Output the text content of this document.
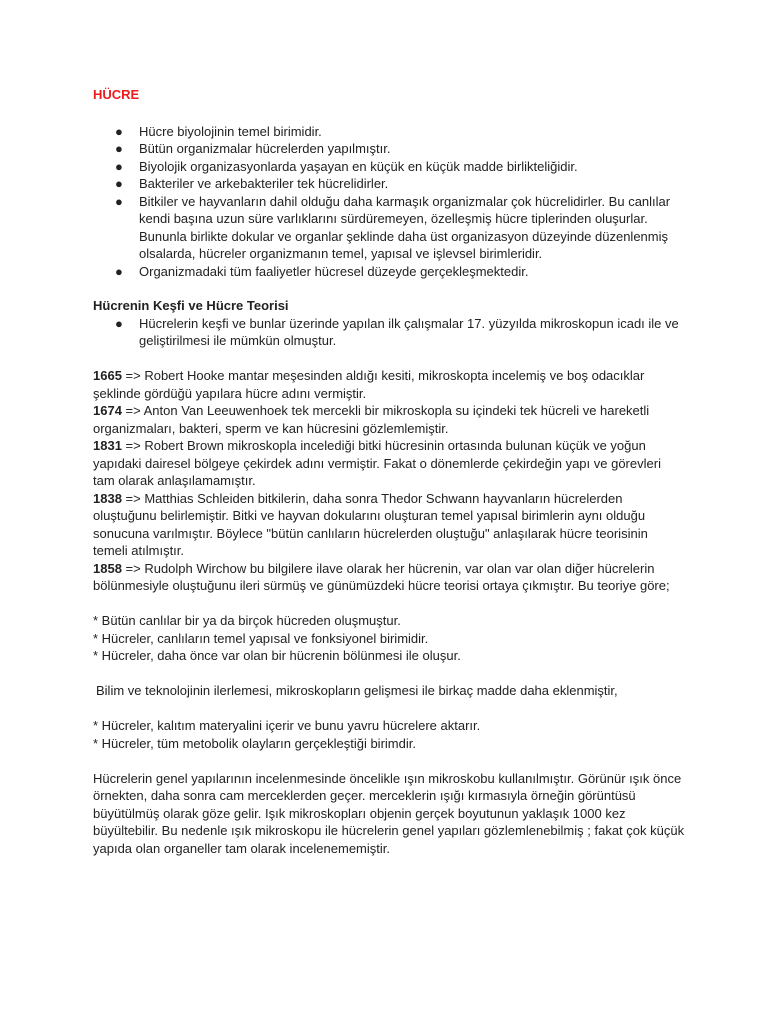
HÜCRE
● Hücre biyolojinin temel birimidir.
● Bütün organizmalar hücrelerden yapılmıştır.
● Biyolojik organizasyonlarda yaşayan en küçük en küçük madde birlikteliğidir.
● Bakteriler ve arkebakteriler tek hücrelidirler.
● Bitkiler ve hayvanların dahil olduğu daha karmaşık organizmalar çok hücrelidirler. Bu canlılar kendi başına uzun süre varlıklarını sürdüremeyen, özelleşmiş hücre tiplerinden oluşurlar. Bununla birlikte dokular ve organlar şeklinde daha üst organizasyon düzeyinde düzenlenmiş olsalarda, hücreler organizmanın temel, yapısal ve işlevsel birimleridir.
● Organizmadaki tüm faaliyetler hücresel düzeyde gerçekleşmektedir.
Hücrenin Keşfi ve Hücre Teorisi
● Hücrelerin keşfi ve bunlar üzerinde yapılan ilk çalışmalar 17. yüzyılda mikroskopun icadı ile ve geliştirilmesi ile mümkün olmuştur.

1665 => Robert Hooke mantar meşesinden aldığı kesiti, mikroskopta incelemiş ve boş odacıklar şeklinde gördüğü yapılara hücre adını vermiştir.

1674 => Anton Van Leeuwenhoek tek mercekli bir mikroskopla su içindeki tek hücreli ve hareketli organizmaları, bakteri, sperm ve kan hücresini gözlemlemiştir.

1831 => Robert Brown mikroskopla incelediği bitki hücresinin ortasında bulunan küçük ve yoğun yapıdaki dairesel bölgeye çekirdek adını vermiştir. Fakat o dönemlerde çekirdeğin yapı ve görevleri tam olarak anlaşılamamıştır.

1838 => Matthias Schleiden bitkilerin, daha sonra Thedor Schwann hayvanların hücrelerden oluştuğunu belirlemiştir. Bitki ve hayvan dokularını oluşturan temel yapısal birimlerin aynı olduğu sonucuna varılmıştır. Böylece "bütün canlıların hücrelerden oluştuğu" anlaşılarak hücre teorisinin temeli atılmıştır.

1858 => Rudolph Wirchow bu bilgilere ilave olarak her hücrenin, var olan var olan diğer hücrelerin bölünmesiyle oluştuğunu ileri sürmüş ve günümüzdeki hücre teorisi ortaya çıkmıştır. Bu teoriye göre;

* Bütün canlılar bir ya da birçok hücreden oluşmuştur.

* Hücreler, canlıların temel yapısal ve fonksiyonel birimidir.

* Hücreler, daha önce var olan bir hücrenin bölünmesi ile oluşur.

Bilim ve teknolojinin ilerlemesi, mikroskopların gelişmesi ile birkaç madde daha eklenmiştir,

* Hücreler, kalıtım materyalini içerir ve bunu yavru hücrelere aktarır.

* Hücreler, tüm metobolik olayların gerçekleştiği birimdir.

Hücrelerin genel yapılarının incelenmesinde öncelikle ışın mikroskobu kullanılmıştır. Görünür ışık önce örnekten, daha sonra cam merceklerden geçer. merceklerin ışığı kırmasıyla örneğin görüntüsü büyütülmüş olarak göze gelir. Işık mikroskopları objenin gerçek boyutunun yaklaşık 1000 kez büyültebilir. Bu nedenle ışık mikroskopu ile hücrelerin genel yapıları gözlemlenebilmiş ; fakat çok küçük yapıda olan organeller tam olarak incelenememiştir.
